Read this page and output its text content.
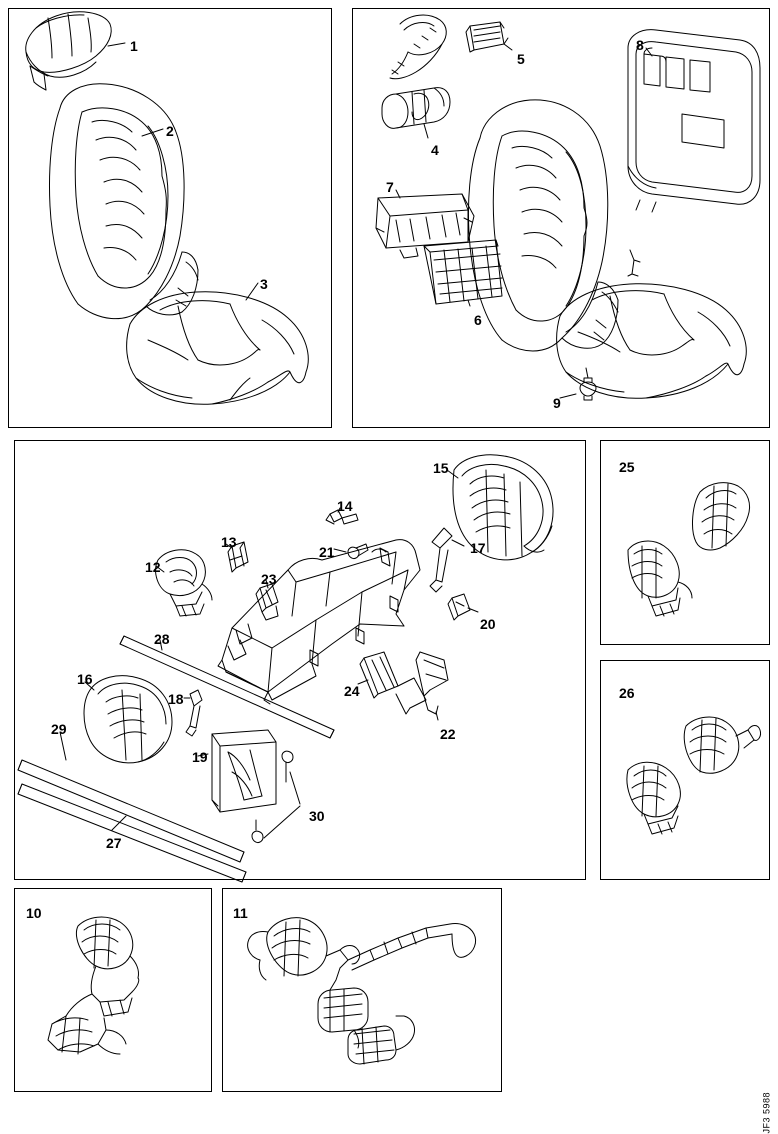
1
2
3
4
5
6
7
8
9
12
13
14
15
16
17
18
19
20
21
22
23
24
27
28
29
30
25
26
10	11
JF3 5988
